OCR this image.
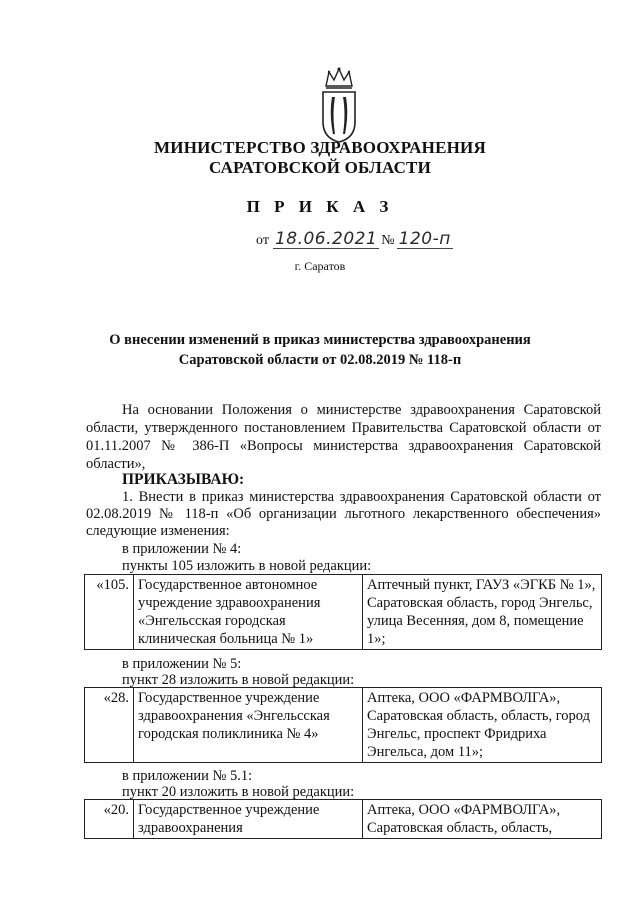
МИНИСТЕРСТВО ЗДРАВООХРАНЕНИЯ
САРАТОВСКОЙ ОБЛАСТИ
П Р И К А З
от 18.06.2021 № 120-п
г. Саратов
О внесении изменений в приказ министерства здравоохранения
Саратовской области от 02.08.2019 № 118-п
На основании Положения о министерстве здравоохранения Саратовской области, утвержденного постановлением Правительства Саратовской области от 01.11.2007 № 386-П «Вопросы министерства здравоохранения Саратовской области»,
ПРИКАЗЫВАЮ:
1. Внести в приказ министерства здравоохранения Саратовской области от 02.08.2019 № 118-п «Об организации льготного лекарственного обеспечения» следующие изменения:
в приложении № 4:
пункты 105 изложить в новой редакции:
«105.	Государственное автономное учреждение здравоохранения «Энгельсская городская клиническая больница № 1»	Аптечный пункт, ГАУЗ «ЭГКБ № 1», Саратовская область, город Энгельс, улица Весенняя, дом 8, помещение 1»;
в приложении № 5:
пункт 28 изложить в новой редакции:
«28.	Государственное учреждение здравоохранения «Энгельсская городская поликлиника № 4»	Аптека, ООО «ФАРМВОЛГА», Саратовская область, область, город Энгельс, проспект Фридриха Энгельса, дом 11»;
в приложении № 5.1:
пункт 20 изложить в новой редакции:
«20.	Государственное учреждение здравоохранения	Аптека, ООО «ФАРМВОЛГА», Саратовская область, область,
